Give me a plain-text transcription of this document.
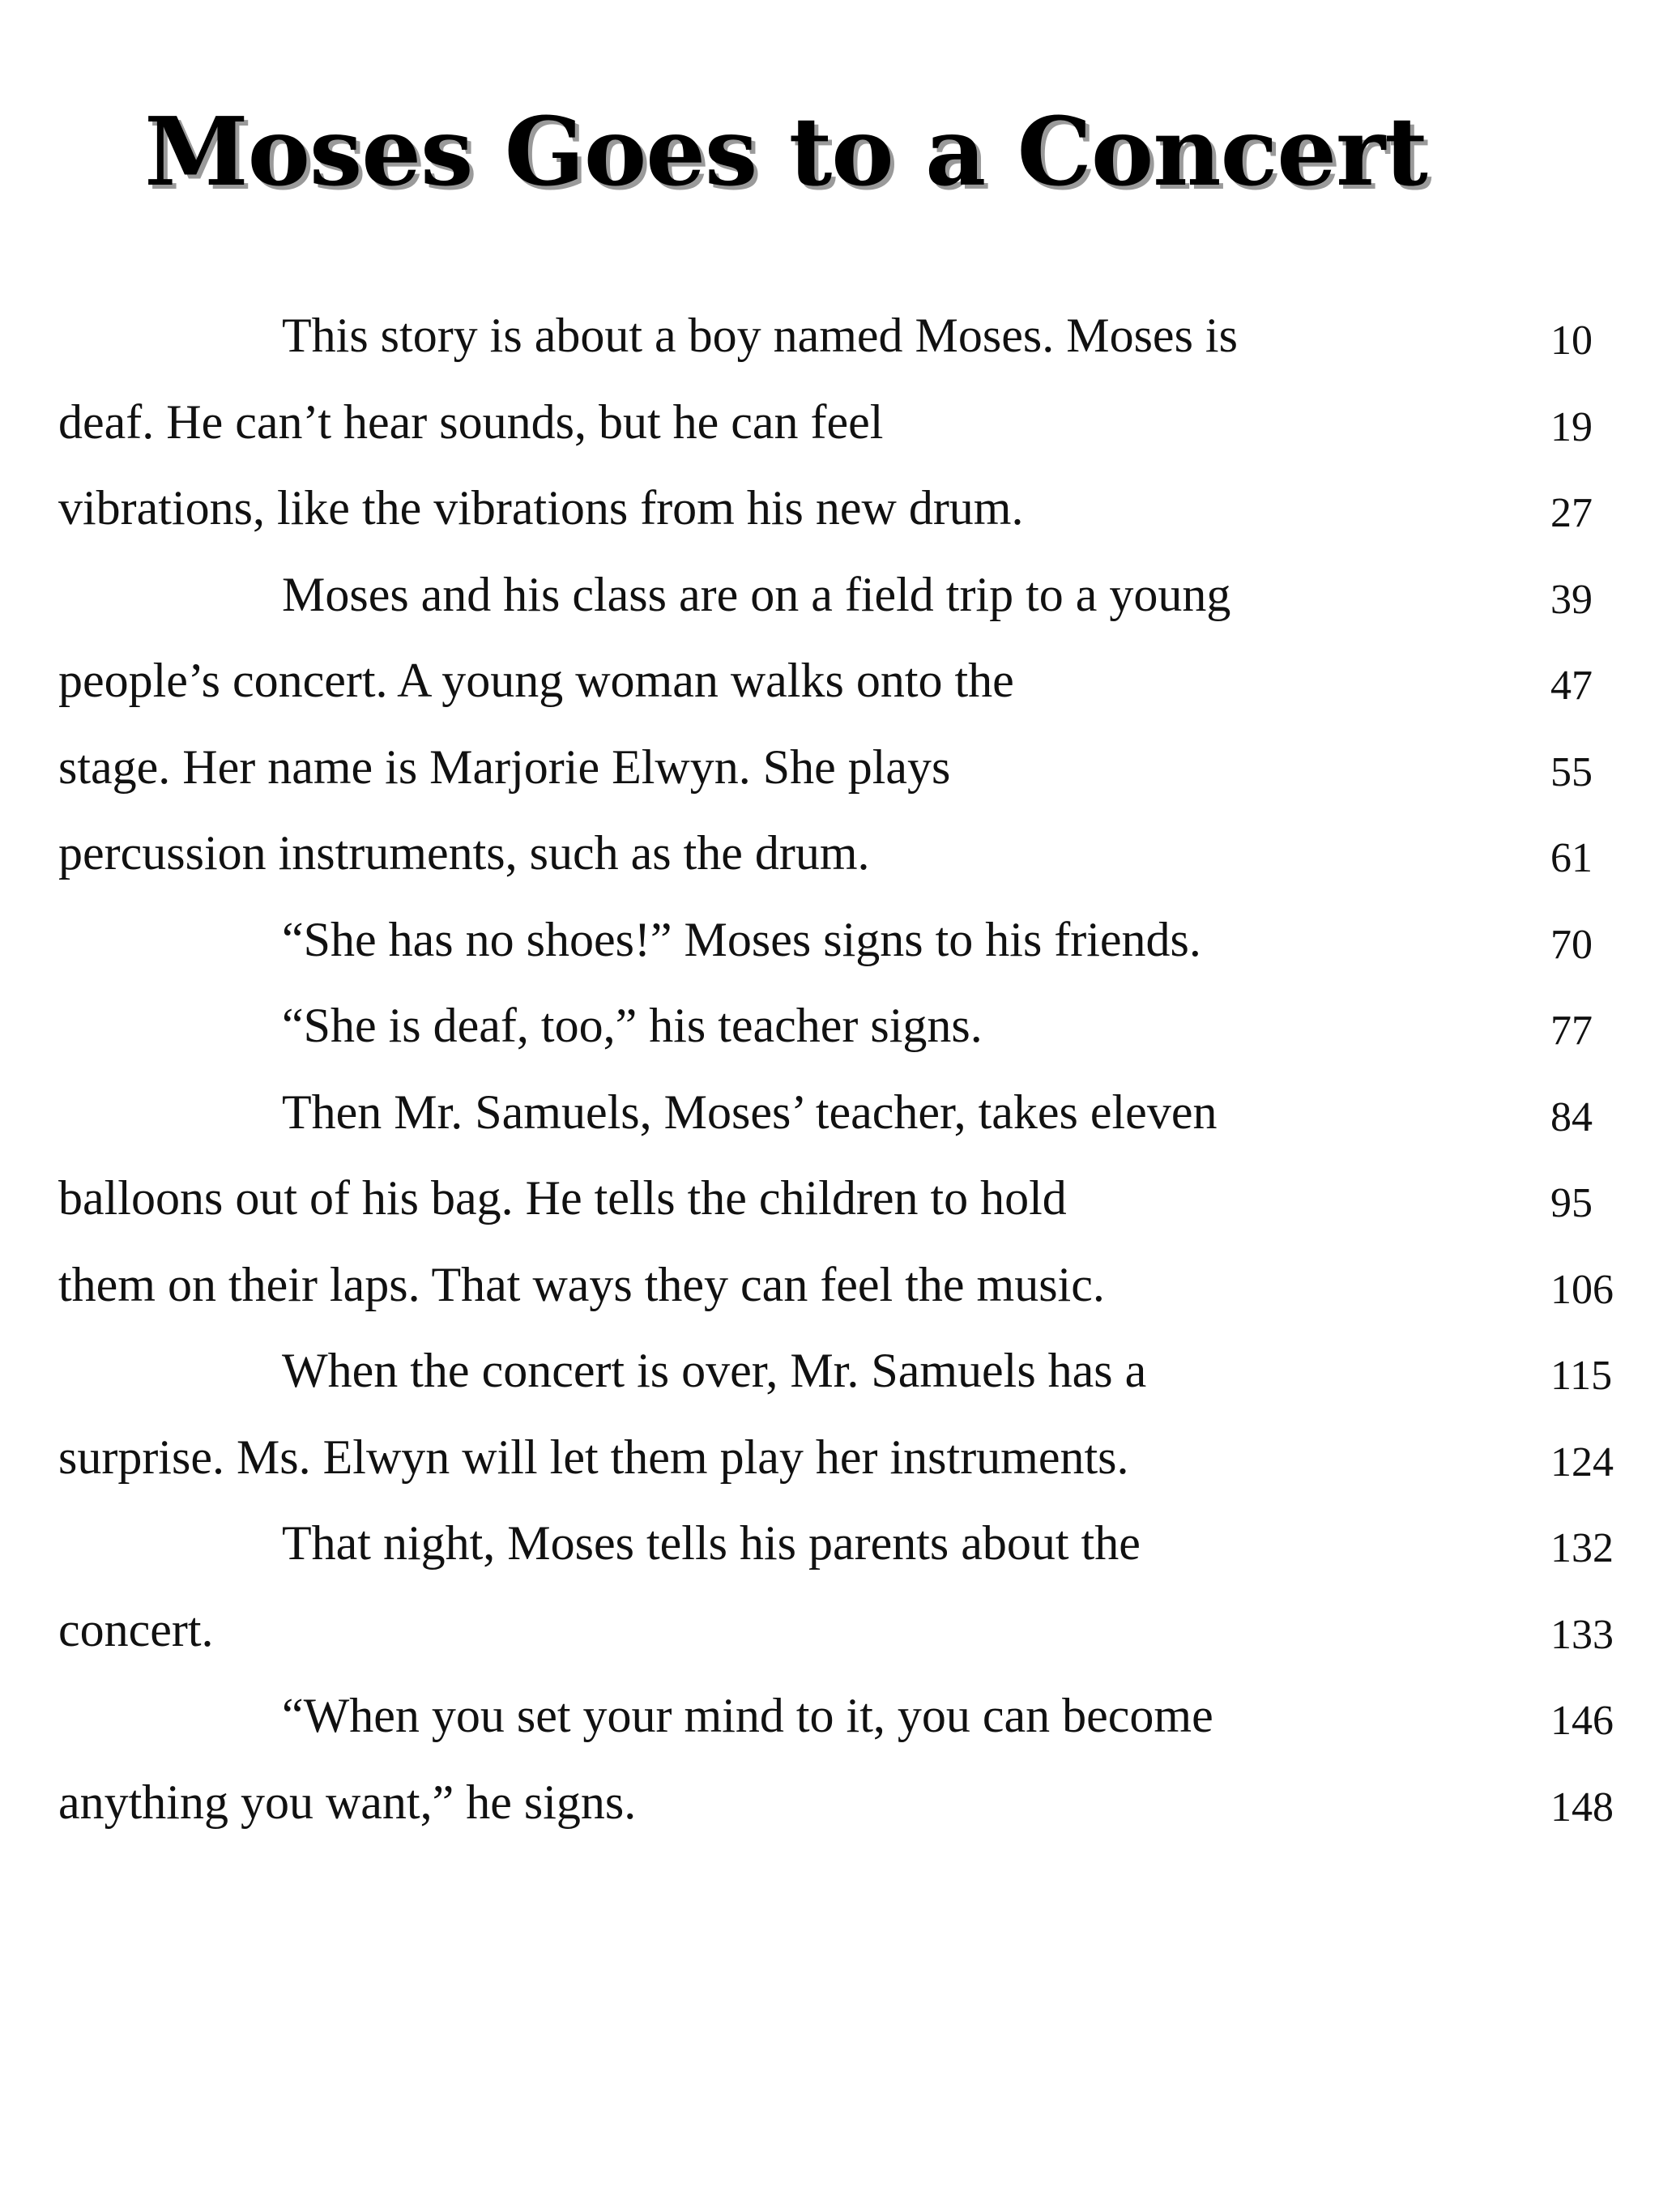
Moses Goes to a Concert
This story is about a boy named Moses. Moses is	10
deaf. He can’t hear sounds, but he can feel	19
vibrations, like the vibrations from his new drum.	27
Moses and his class are on a field trip to a young	39
people’s concert. A young woman walks onto the	47
stage. Her name is Marjorie Elwyn. She plays	55
percussion instruments, such as the drum.	61
“She has no shoes!” Moses signs to his friends.	70
“She is deaf, too,” his teacher signs.	77
Then Mr. Samuels, Moses’ teacher, takes eleven	84
balloons out of his bag. He tells the children to hold	95
them on their laps. That ways they can feel the music.	106
When the concert is over, Mr. Samuels has a	115
surprise. Ms. Elwyn will let them play her instruments.	124
That night, Moses tells his parents about the	132
concert.	133
“When you set your mind to it, you can become	146
anything you want,” he signs.	148
